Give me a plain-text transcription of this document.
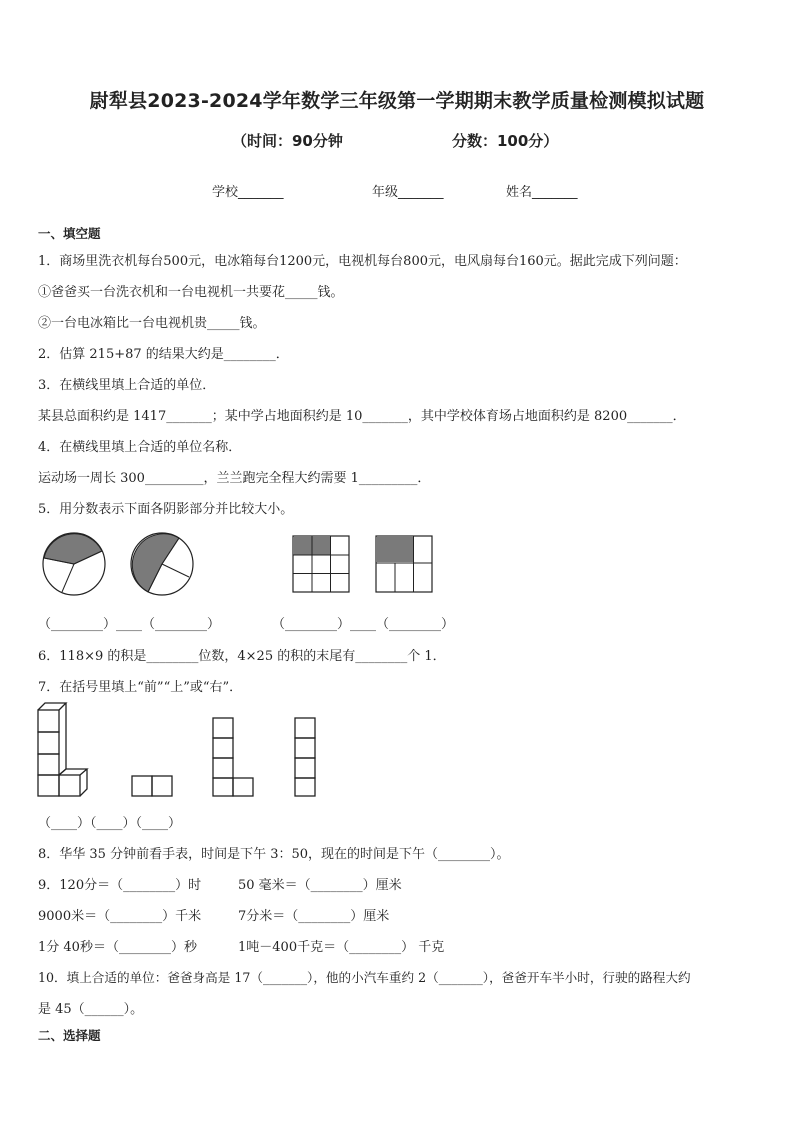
尉犁县2023-2024学年数学三年级第一学期期末教学质量检测模拟试题
（时间：90分钟	分数：100分）
学校_______	年级_______	姓名_______
一、填空题
1．商场里洗衣机每台500元，电冰箱每台1200元，电视机每台800元，电风扇每台160元。据此完成下列问题：
①爸爸买一台洗衣机和一台电视机一共要花_____钱。
②一台电冰箱比一台电视机贵_____钱。
2．估算 215+87 的结果大约是________．
3．在横线里填上合适的单位．
某县总面积约是 1417_______；某中学占地面积约是 10_______，其中学校体育场占地面积约是 8200_______．
4．在横线里填上合适的单位名称．
运动场一周长 300_________，兰兰跑完全程大约需要 1_________．
5．用分数表示下面各阴影部分并比较大小。
（________）____（________）	（________）____（________）
6．118×9 的积是________位数，4×25 的积的末尾有________个 1．
7．在括号里填上“前”“上”或“右”．
（____）（____）（____）
8．华华 35 分钟前看手表，时间是下午 3：50，现在的时间是下午（________）。
9．120分＝（________）时	50 毫米＝（________）厘米
9000米＝（________）千米	7分米＝（________）厘米
1分 40秒＝（________）秒	1吨－400千克＝（________） 千克
10．填上合适的单位：爸爸身高是 17（_______），他的小汽车重约 2（_______），爸爸开车半小时，行驶的路程大约
是 45（______）。
二、选择题
